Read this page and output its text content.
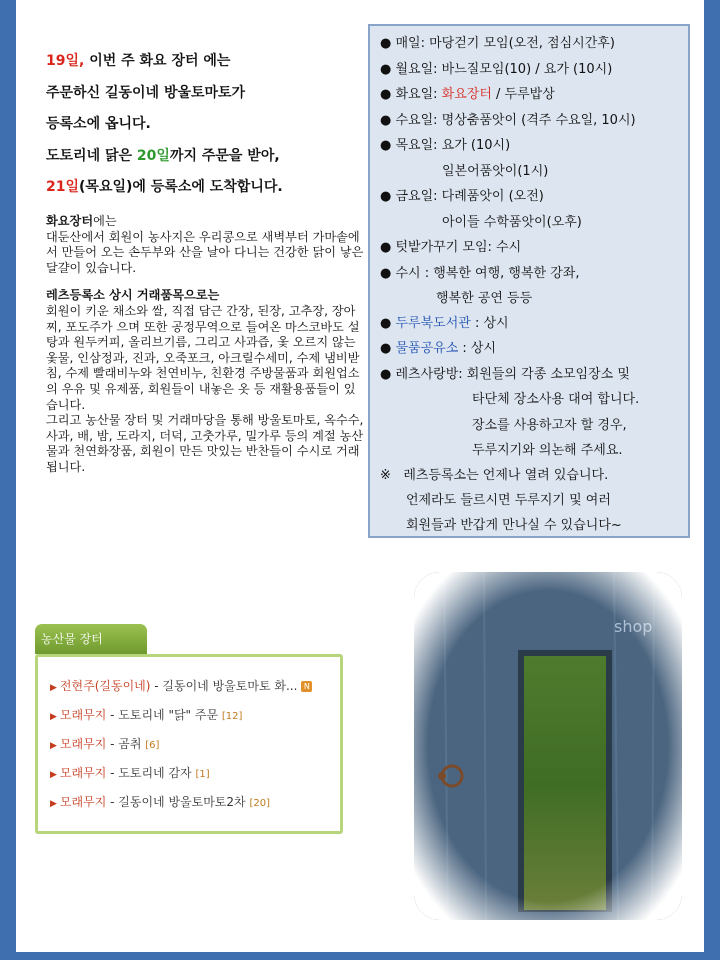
19일, 이번 주 화요 장터 에는

주문하신 길동이네 방울토마토가

등록소에 옵니다.

도토리네 닭은 20일까지 주문을 받아,

21일(목요일)에 등록소에 도착합니다.

화요장터에는
대둔산에서 회원이 농사지은 우리콩으로 새벽부터 가마솥에서 만들어 오는 손두부와 산을 날아 다니는 건강한 닭이 낳은 달걀이 있습니다.

레츠등록소 상시 거래품목으로는
회원이 키운 채소와 쌀, 직접 담근 간장, 된장, 고추장, 장아찌, 포도주가 으며 또한 공정무역으로 들여온 마스코바도 설탕과 원두커피, 올리브기름, 그리고 사과즙, 옻 오르지 않는 옻물, 인삼정과, 진과, 오죽포크, 아크릴수세미, 수제 냄비받침, 수제 빨래비누와 천연비누, 친환경 주방물품과 회원업소의 우유 및 유제품, 회원들이 내놓은 옷 등 재활용품들이 있습니다.
그리고 농산물 장터 및 거래마당을 통해 방울토마토, 옥수수, 사과, 배, 밤, 도라지, 더덕, 고춧가루, 밀가루 등의 계절 농산물과 천연화장품, 회원이 만든 맛있는 반찬들이 수시로 거래됩니다.

● 매일: 마당걷기 모임(오전, 점심시간후)
● 월요일: 바느질모임(10) / 요가 (10시)
● 화요일: 화요장터 / 두루밥상
● 수요일: 명상춤품앗이 (격주 수요일, 10시)
● 목요일: 요가 (10시)
일본어품앗이(1시)
● 금요일: 다례품앗이 (오전)
아이들 수학품앗이(오후)
● 텃밭가꾸기 모임: 수시
● 수시 : 행복한 여행, 행복한 강좌,
행복한 공연 등등
● 두루북도서관 : 상시
● 물품공유소 : 상시
● 레츠사랑방: 회원들의 각종 소모임장소 및
타단체 장소사용 대여 합니다.
장소를 사용하고자 할 경우,
두루지기와 의논해 주세요.
※ 레츠등록소는 언제나 열려 있습니다.
언제라도 들르시면 두루지기 및 여러
회원들과 반갑게 만나실 수 있습니다~
농산물 장터
▶ 전현주(길동이네) - 길동이네 방울토마토 화... N
▶ 모래무지 - 도토리네 "닭" 주문 [12]
▶ 모래무지 - 곰취 [6]
▶ 모래무지 - 도토리네 감자 [1]
▶ 모래무지 - 길동이네 방울토마토2차 [20]
